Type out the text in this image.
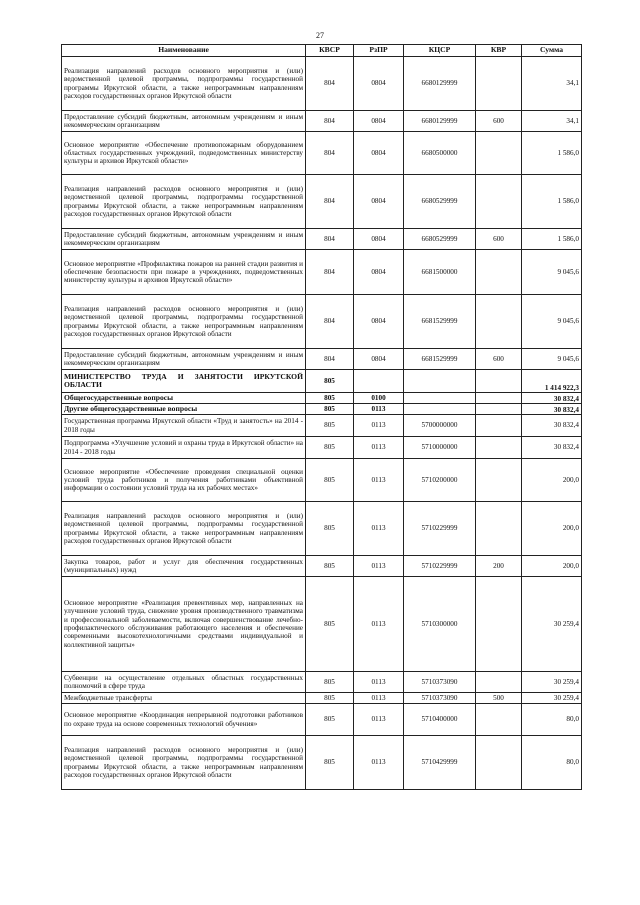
27
Наименование	КВСР	РзПР	КЦСР	КВР	Сумма
Реализация направлений расходов основного мероприятия и (или) ведомственной целевой программы, подпрограммы государственной программы Иркутской области, а также непрограммным направлениям расходов государственных органов Иркутской области	804	0804	6680129999		34,1
Предоставление субсидий бюджетным, автономным учреждениям и иным некоммерческим организациям	804	0804	6680129999	600	34,1
Основное мероприятие «Обеспечение противопожарным оборудованием областных государственных учреждений, подведомственных министерству культуры и архивов Иркутской области»	804	0804	6680500000		1 586,0
Реализация направлений расходов основного мероприятия и (или) ведомственной целевой программы, подпрограммы государственной программы Иркутской области, а также непрограммным направлениям расходов государственных органов Иркутской области	804	0804	6680529999		1 586,0
Предоставление субсидий бюджетным, автономным учреждениям и иным некоммерческим организациям	804	0804	6680529999	600	1 586,0
Основное мероприятие «Профилактика пожаров на ранней стадии развития и обеспечение безопасности при пожаре в учреждениях, подведомственных министерству культуры и архивов Иркутской области»	804	0804	6681500000		9 045,6
Реализация направлений расходов основного мероприятия и (или) ведомственной целевой программы, подпрограммы государственной программы Иркутской области, а также непрограммным направлениям расходов государственных органов Иркутской области	804	0804	6681529999		9 045,6
Предоставление субсидий бюджетным, автономным учреждениям и иным некоммерческим организациям	804	0804	6681529999	600	9 045,6
МИНИСТЕРСТВО ТРУДА И ЗАНЯТОСТИ ИРКУТСКОЙ ОБЛАСТИ	805				1 414 922,3
Общегосударственные вопросы	805	0100			30 832,4
Другие общегосударственные вопросы	805	0113			30 832,4
Государственная программа Иркутской области «Труд и занятость» на 2014 - 2018 годы	805	0113	5700000000		30 832,4
Подпрограмма «Улучшение условий и охраны труда в Иркутской области» на 2014 - 2018 годы	805	0113	5710000000		30 832,4
Основное мероприятие «Обеспечение проведения специальной оценки условий труда работников и получения работниками объективной информации о состоянии условий труда на их рабочих местах»	805	0113	5710200000		200,0
Реализация направлений расходов основного мероприятия и (или) ведомственной целевой программы, подпрограммы государственной программы Иркутской области, а также непрограммным направлениям расходов государственных органов Иркутской области	805	0113	5710229999		200,0
Закупка товаров, работ и услуг для обеспечения государственных (муниципальных) нужд	805	0113	5710229999	200	200,0
Основное мероприятие «Реализация превентивных мер, направленных на улучшение условий труда, снижение уровня производственного травматизма и профессиональной заболеваемости, включая совершенствование лечебно-профилактического обслуживания работающего населения и обеспечение современными высокотехнологичными средствами индивидуальной и коллективной защиты»	805	0113	5710300000		30 259,4
Субвенции на осуществление отдельных областных государственных полномочий в сфере труда	805	0113	5710373090		30 259,4
Межбюджетные трансферты	805	0113	5710373090	500	30 259,4
Основное мероприятие «Координация непрерывной подготовки работников по охране труда на основе современных технологий обучения»	805	0113	5710400000		80,0
Реализация направлений расходов основного мероприятия и (или) ведомственной целевой программы, подпрограммы государственной программы Иркутской области, а также непрограммным направлениям расходов государственных органов Иркутской области	805	0113	5710429999		80,0
